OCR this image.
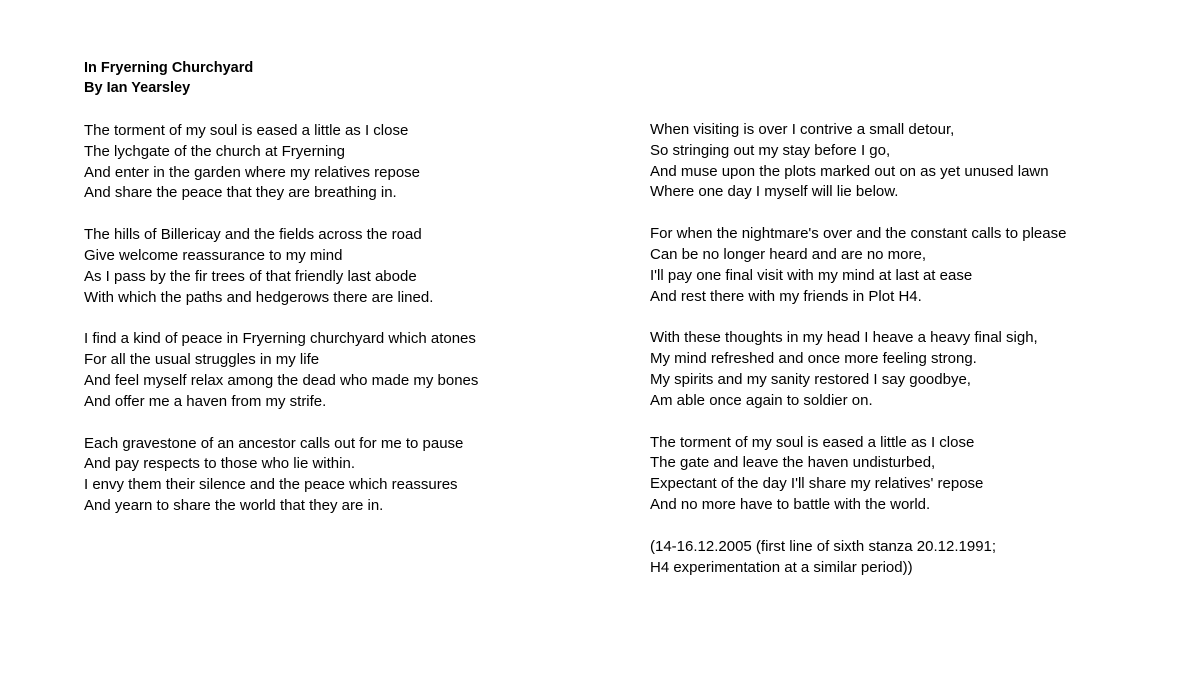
In Fryerning Churchyard
By Ian Yearsley
The torment of my soul is eased a little as I close
The lychgate of the church at Fryerning
And enter in the garden where my relatives repose
And share the peace that they are breathing in.
The hills of Billericay and the fields across the road
Give welcome reassurance to my mind
As I pass by the fir trees of that friendly last abode
With which the paths and hedgerows there are lined.
I find a kind of peace in Fryerning churchyard which atones
For all the usual struggles in my life
And feel myself relax among the dead who made my bones
And offer me a haven from my strife.
Each gravestone of an ancestor calls out for me to pause
And pay respects to those who lie within.
I envy them their silence and the peace which reassures
And yearn to share the world that they are in.
When visiting is over I contrive a small detour,
So stringing out my stay before I go,
And muse upon the plots marked out on as yet unused lawn
Where one day I myself will lie below.
For when the nightmare's over and the constant calls to please
Can be no longer heard and are no more,
I'll pay one final visit with my mind at last at ease
And rest there with my friends in Plot H4.
With these thoughts in my head I heave a heavy final sigh,
My mind refreshed and once more feeling strong.
My spirits and my sanity restored I say goodbye,
Am able once again to soldier on.
The torment of my soul is eased a little as I close
The gate and leave the haven undisturbed,
Expectant of the day I'll share my relatives' repose
And no more have to battle with the world.
(14-16.12.2005 (first line of sixth stanza 20.12.1991;
H4 experimentation at a similar period))
